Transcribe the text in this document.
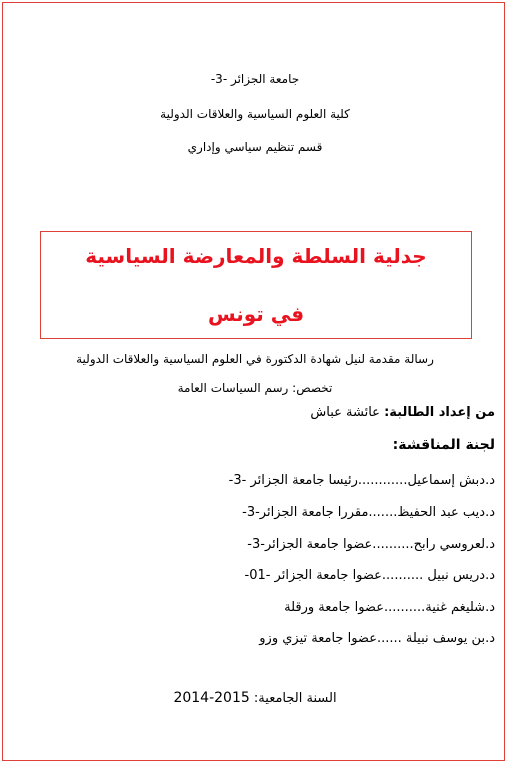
جامعة الجزائر -3-
كلية العلوم السياسية والعلاقات الدولية
قسم تنظيم سياسي وإداري
جدلية السلطة والمعارضة السياسية
في تونس
رسالة مقدمة لنيل شهادة الدكتورة في العلوم السياسية والعلاقات الدولية
تخصص: رسم السياسات العامة
من إعداد الطالبة: عائشة عباش
لجنة المناقشة:
د.دبش إسماعيل............رئيسا جامعة الجزائر -3-
د.ديب عبد الحفيظ.......مقررا جامعة الجزائر-3-
د.لعروسي رابح..........عضوا جامعة الجزائر-3-
د.دريس نبيل ..........عضوا جامعة الجزائر -01-
د.شليغم غنية..........عضوا جامعة ورقلة
د.بن يوسف نبيلة ......عضوا جامعة تيزي وزو
السنة الجامعية: 2015-2014
